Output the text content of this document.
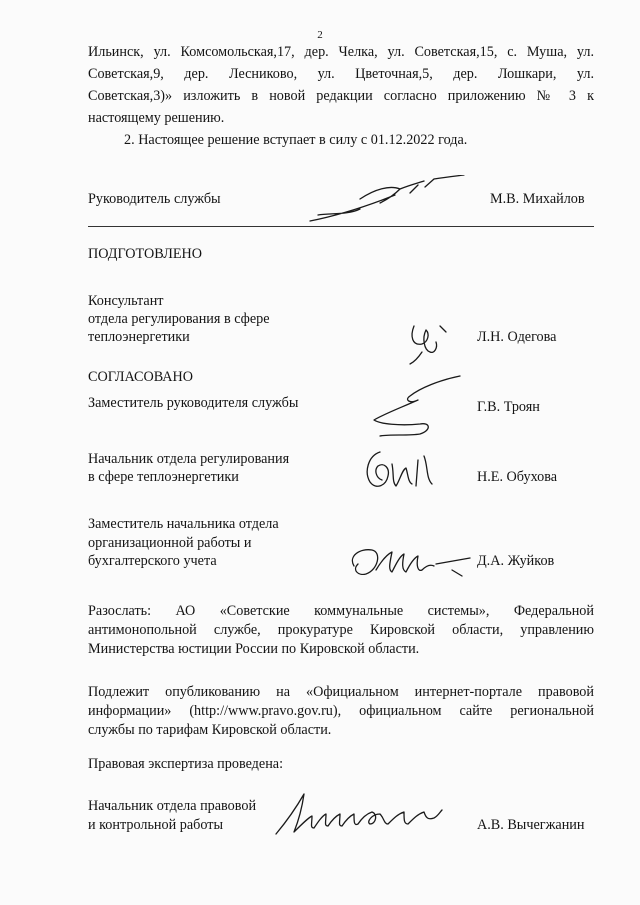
2
Ильинск, ул. Комсомольская,17, дер. Челка, ул. Советская,15, с. Муша, ул.
Советская,9, дер. Лесниково, ул. Цветочная,5, дер. Лошкари, ул.
Советская,3)» изложить в новой редакции согласно приложению № 3 к
настоящему решению.
2. Настоящее решение вступает в силу с 01.12.2022 года.
Руководитель службы	М.В. Михайлов
ПОДГОТОВЛЕНО
Консультант
отдела регулирования в сфере
теплоэнергетики	Л.Н. Одегова
СОГЛАСОВАНО
Заместитель руководителя службы	Г.В. Троян
Начальник отдела регулирования
в сфере теплоэнергетики	Н.Е. Обухова
Заместитель начальника отдела
организационной работы и
бухгалтерского учета	Д.А. Жуйков
Разослать: АО «Советские коммунальные системы», Федеральной
антимонопольной службе, прокуратуре Кировской области, управлению
Министерства юстиции России по Кировской области.
Подлежит опубликованию на «Официальном интернет-портале правовой
информации» (http://www.pravo.gov.ru), официальном сайте региональной
службы по тарифам Кировской области.
Правовая экспертиза проведена:
Начальник отдела правовой
и контрольной работы	А.В. Вычегжанин
